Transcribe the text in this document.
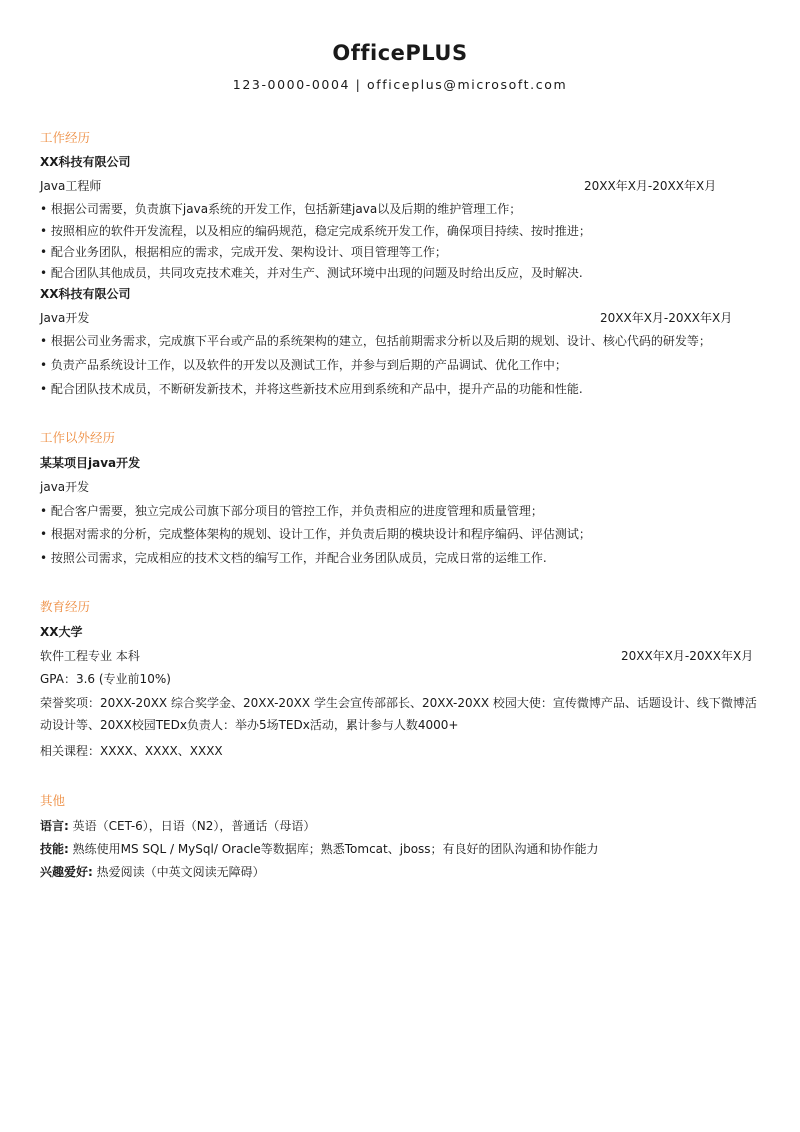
OfficePLUS
123-0000-0004 | officeplus@microsoft.com
工作经历
XX科技有限公司
Java工程师	20XX年X月-20XX年X月
• 根据公司需要，负责旗下java系统的开发工作，包括新建java以及后期的维护管理工作；
• 按照相应的软件开发流程，以及相应的编码规范，稳定完成系统开发工作，确保项目持续、按时推进；
• 配合业务团队，根据相应的需求，完成开发、架构设计、项目管理等工作；
• 配合团队其他成员，共同攻克技术难关，并对生产、测试环境中出现的问题及时给出反应，及时解决.
XX科技有限公司
Java开发	20XX年X月-20XX年X月
• 根据公司业务需求，完成旗下平台或产品的系统架构的建立，包括前期需求分析以及后期的规划、设计、核心代码的研发等；
• 负责产品系统设计工作，以及软件的开发以及测试工作，并参与到后期的产品调试、优化工作中；
• 配合团队技术成员，不断研发新技术，并将这些新技术应用到系统和产品中，提升产品的功能和性能.
工作以外经历
某某项目java开发
java开发
• 配合客户需要，独立完成公司旗下部分项目的管控工作，并负责相应的进度管理和质量管理；
• 根据对需求的分析，完成整体架构的规划、设计工作，并负责后期的模块设计和程序编码、评估测试；
• 按照公司需求，完成相应的技术文档的编写工作，并配合业务团队成员，完成日常的运维工作.
教育经历
XX大学
软件工程专业 本科	20XX年X月-20XX年X月
GPA：3.6 (专业前10%)
荣誉奖项：20XX-20XX 综合奖学金、20XX-20XX 学生会宣传部部长、20XX-20XX 校园大使：宣传微博产品、话题设计、线下微博活动设计等、20XX校园TEDx负责人：举办5场TEDx活动，累计参与人数4000+
相关课程：XXXX、XXXX、XXXX
其他
语言: 英语（CET-6），日语（N2），普通话（母语）
技能: 熟练使用MS SQL / MySql/ Oracle等数据库；熟悉Tomcat、jboss；有良好的团队沟通和协作能力
兴趣爱好: 热爱阅读（中英文阅读无障碍）
